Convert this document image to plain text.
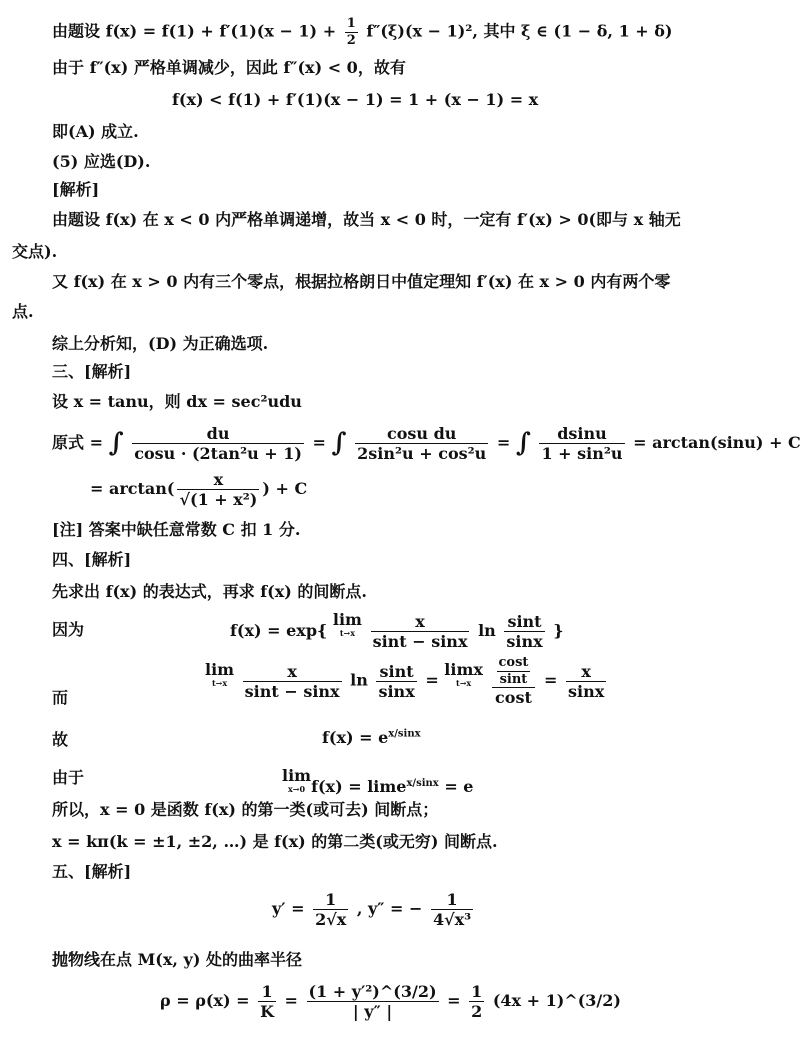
由题设 $f(x) = f(1) + f'(1)(x - 1) + \frac{1}{2} f''(\xi)(x - 1)^2$, 其中 ξ ∈ (1 − δ, 1 + δ)
由于 f″(x) 严格单调减少，因此 f″(x) < 0，故有
f(x) < f(1) + f′(1)(x − 1) = 1 + (x − 1) = x
即(A) 成立.
(5) 应选(D).
[解析]
由题设 f(x) 在 x < 0 内严格单调递增，故当 x < 0 时，一定有 f′(x) > 0(即与 x 轴无
交点).
又 f(x) 在 x > 0 内有三个零点，根据拉格朗日中值定理知 f′(x) 在 x > 0 内有两个零
点.
综上分析知，(D) 为正确选项.
三、[解析]
设 x = tanu，则 dx = sec²udu
原式 = ∫ $\frac{du}{\text{cosu · (2tan²u + 1)}}$ = ∫ $\frac{\text{cosu du}}{\text{2sin²u + cos²u}}$ = ∫ $\frac{dsinu}{\text{1 + sin²u}} = \arctan(\sin u) + C$
= $\arctan( \frac{x}{\text{√(1 + x²)}}$ ) + C
[注] 答案中缺任意常数 C 扣 1 分.
四、[解析]
先求出 f(x) 的表达式，再求 f(x) 的间断点.
因为	f(x) = exp{ lim
t→x
$\frac{x}{\sin t - \sin x}$ $\ln \frac{\sin t}{\sin x}$ }
而
lim
t→x
$\frac{x}{\sin t - \sin x}$ $\ln \frac{\sin t}{\sin x} = \lim x$
t→x
	$\frac{\frac{\cos t}{\sin t}}{\cos t} = \frac{x}{\sin x}$
故	$f(x) = e^{x/sinx}$
由于	lim
x→0 f(x) = lime$^{x/sinx}$ = e
所以，x = 0 是函数 f(x) 的第一类(或可去) 间断点；
x = kπ(k = ±1, ±2, …) 是 f(x) 的第二类(或无穷) 间断点.
五、[解析]
$y' = \frac{1}{2√x}$ , y″ = − $\frac{1}{\text{4√x³}}$
抛物线在点 M(x, y) 处的曲率半径
$\rho = \rho(x) = \frac{1}{K} = \frac{\text{(1 + y′²)\textasciicircum{}(3/2)}}{| y'' |} = \frac{1}{2} (4x$ + 1)^(3/2)
